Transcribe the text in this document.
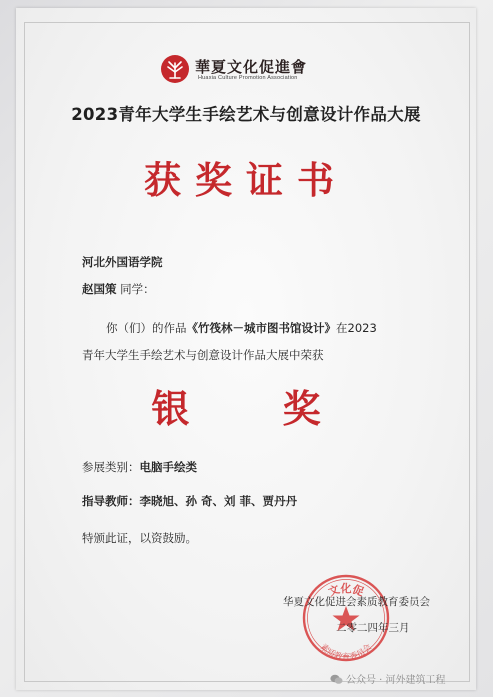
華夏文化促進會
Huaxia Culture Promotion Association
2023青年大学生手绘艺术与创意设计作品大展
获奖证书
河北外国语学院
赵国策 同学：
你（们）的作品《竹筏林－城市图书馆设计》在2023
青年大学生手绘艺术与创意设计作品大展中荣获
银 奖
参展类别：电脑手绘类
指导教师：李晓旭、孙 奇、刘 菲、贾丹丹
特颁此证，以资鼓励。
文化促
素质教育委员会
华夏文化促进会素质教育委员会
二零二四年三月
公众号 · 河外建筑工程
